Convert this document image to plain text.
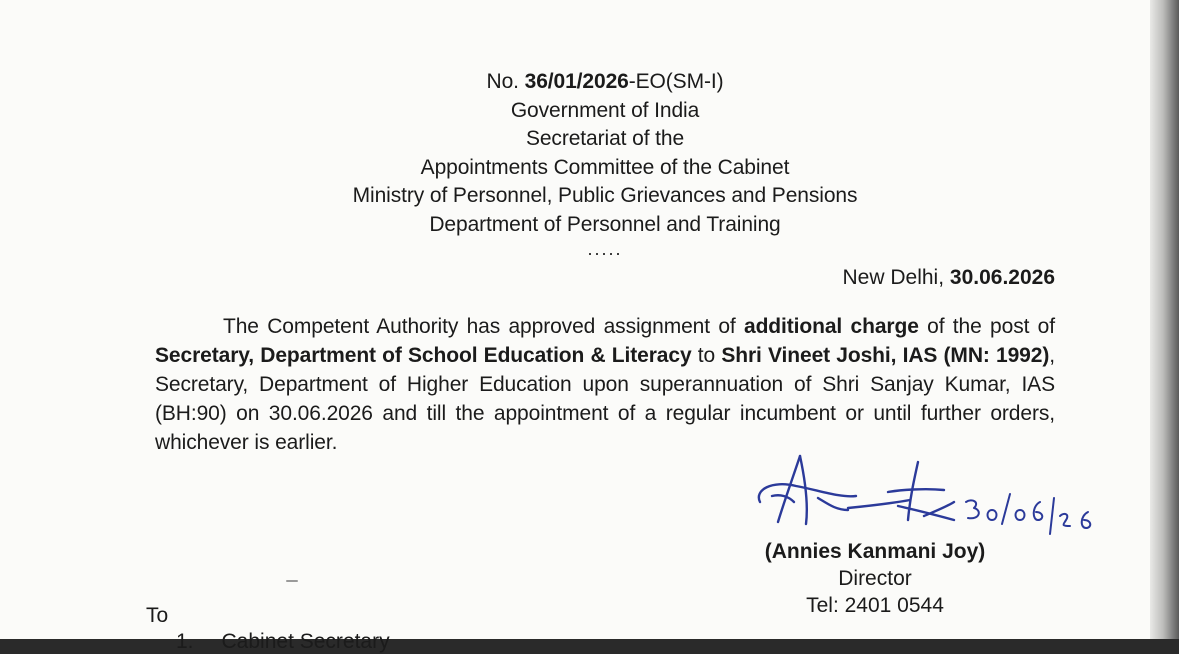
No. 36/01/2026-EO(SM-I)
Government of India
Secretariat of the
Appointments Committee of the Cabinet
Ministry of Personnel, Public Grievances and Pensions
Department of Personnel and Training
.....
New Delhi, 30.06.2026

The Competent Authority has approved assignment of additional charge of the post of Secretary, Department of School Education & Literacy to Shri Vineet Joshi, IAS (MN: 1992), Secretary, Department of Higher Education upon superannuation of Shri Sanjay Kumar, IAS (BH:90) on 30.06.2026 and till the appointment of a regular incumbent or until further orders, whichever is earlier.

(Annies Kanmani Joy)
Director
Tel: 2401 0544
To
1. Cabinet Secretary
